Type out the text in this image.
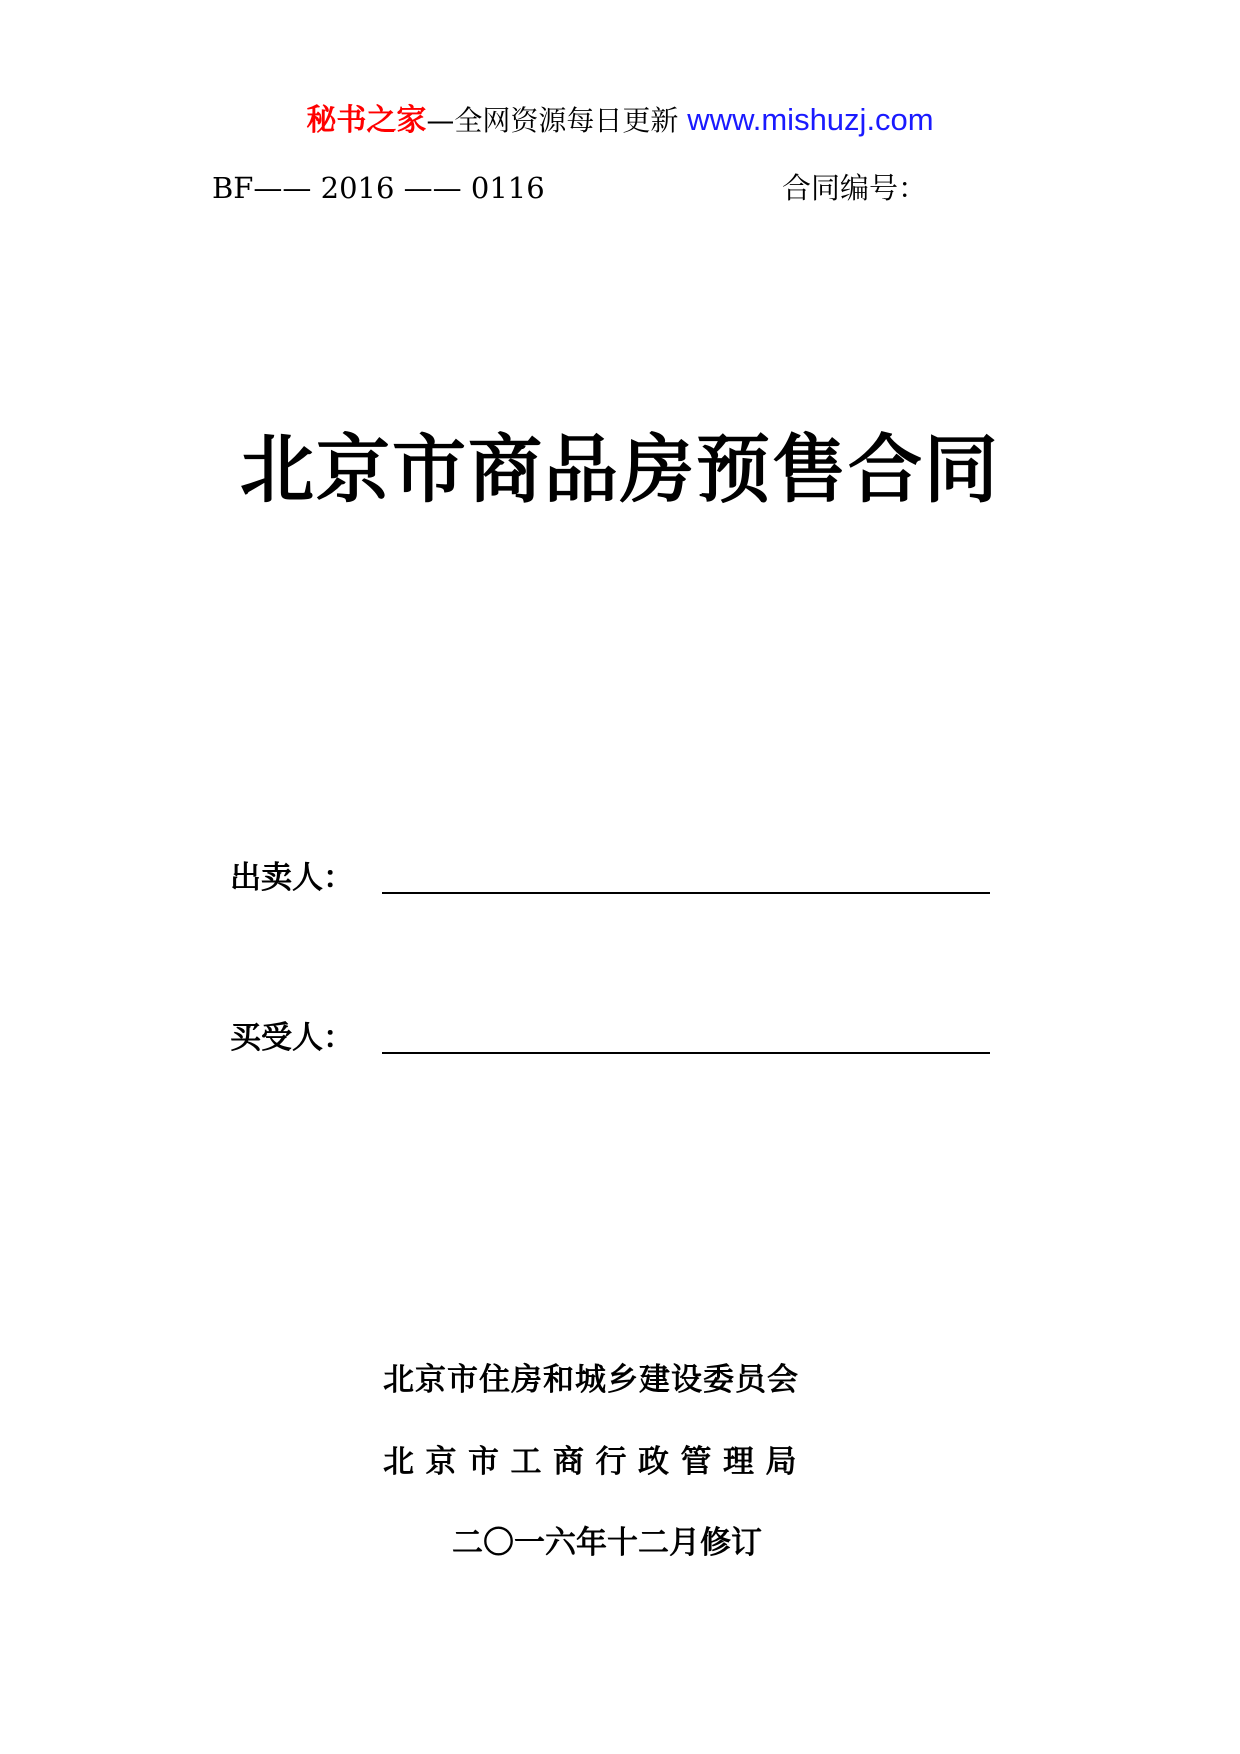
秘书之家—全网资源每日更新 www.mishuzj.com
BF—— 2016 —— 0116	合同编号：
北京市商品房预售合同
出卖人：
买受人：
北京市住房和城乡建设委员会
北京市工商行政管理局
二〇一六年十二月修订
